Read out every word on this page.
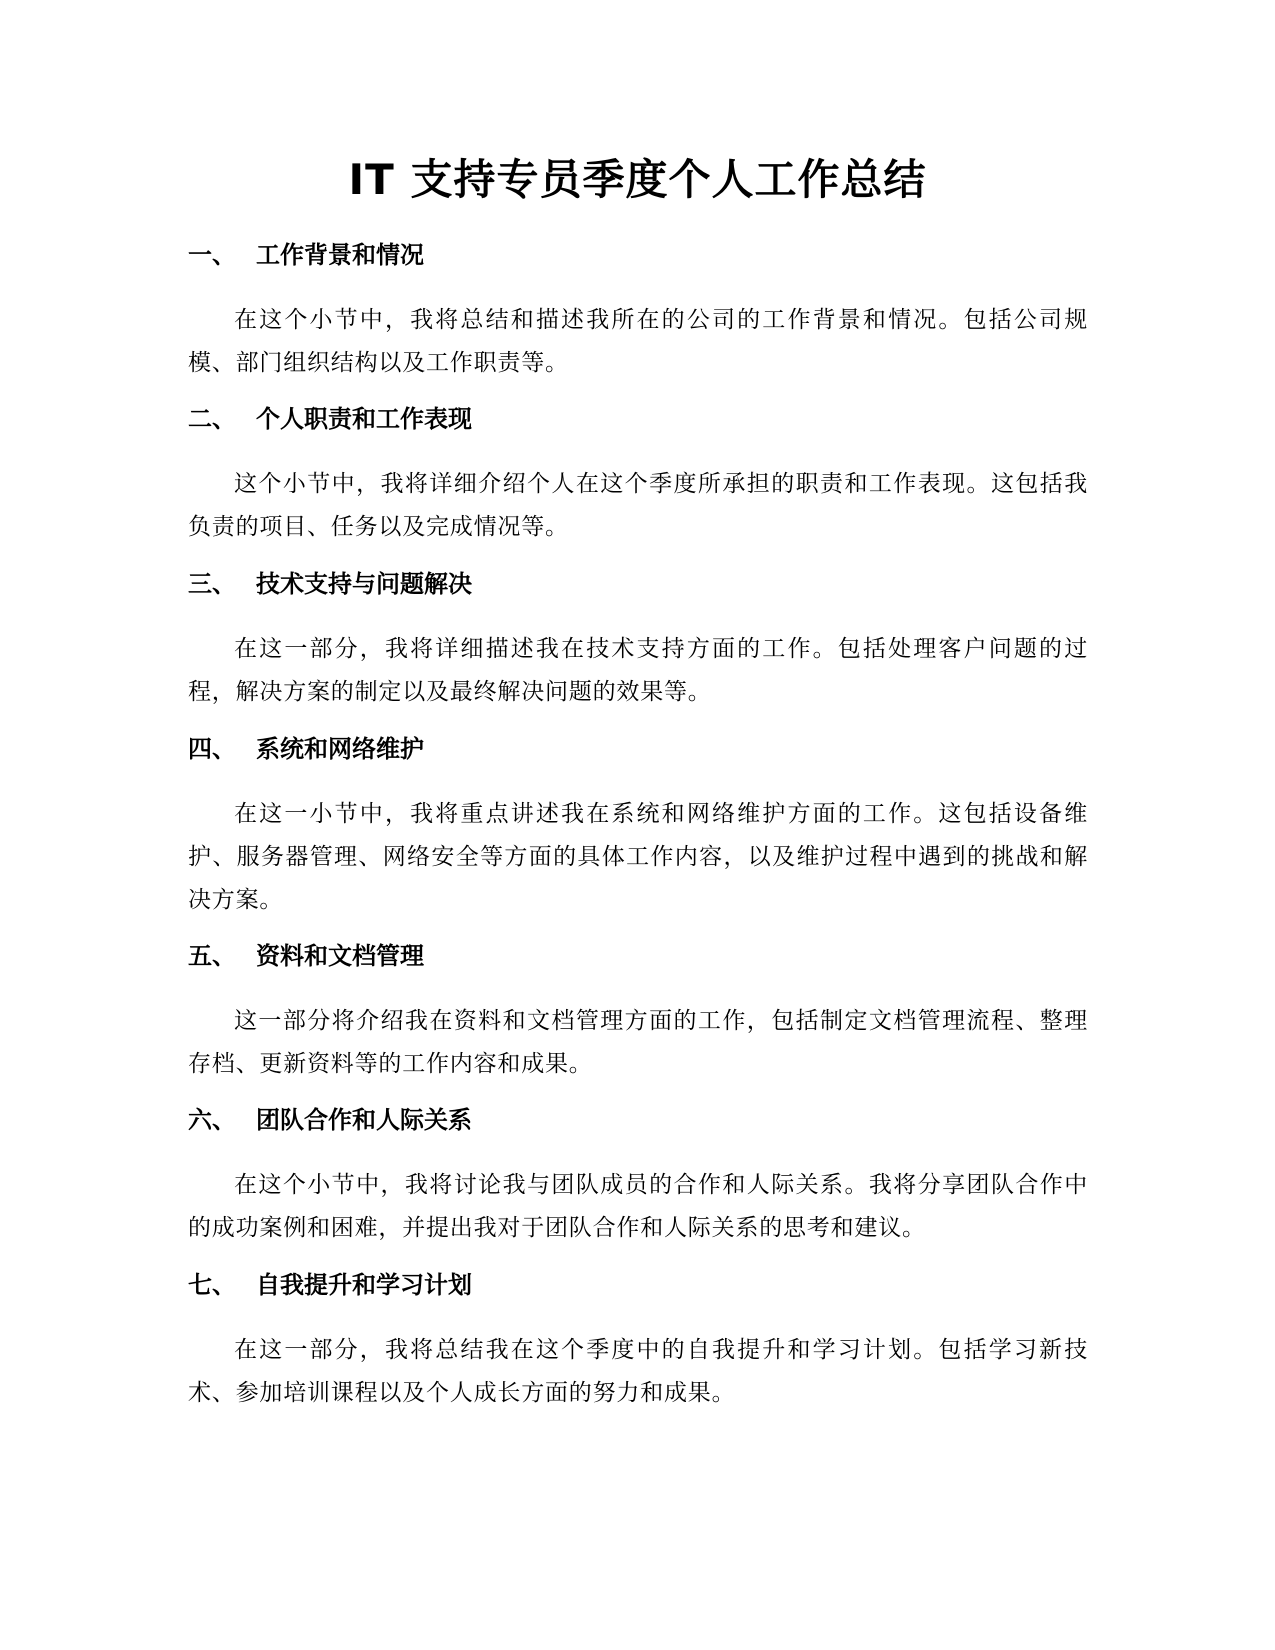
IT 支持专员季度个人工作总结
一、 工作背景和情况

在这个小节中，我将总结和描述我所在的公司的工作背景和情况。包括公司规模、部门组织结构以及工作职责等。

二、 个人职责和工作表现

这个小节中，我将详细介绍个人在这个季度所承担的职责和工作表现。这包括我负责的项目、任务以及完成情况等。

三、 技术支持与问题解决

在这一部分，我将详细描述我在技术支持方面的工作。包括处理客户问题的过程，解决方案的制定以及最终解决问题的效果等。

四、 系统和网络维护

在这一小节中，我将重点讲述我在系统和网络维护方面的工作。这包括设备维护、服务器管理、网络安全等方面的具体工作内容，以及维护过程中遇到的挑战和解决方案。

五、 资料和文档管理

这一部分将介绍我在资料和文档管理方面的工作，包括制定文档管理流程、整理存档、更新资料等的工作内容和成果。

六、 团队合作和人际关系

在这个小节中，我将讨论我与团队成员的合作和人际关系。我将分享团队合作中的成功案例和困难，并提出我对于团队合作和人际关系的思考和建议。

七、 自我提升和学习计划

在这一部分，我将总结我在这个季度中的自我提升和学习计划。包括学习新技术、参加培训课程以及个人成长方面的努力和成果。
